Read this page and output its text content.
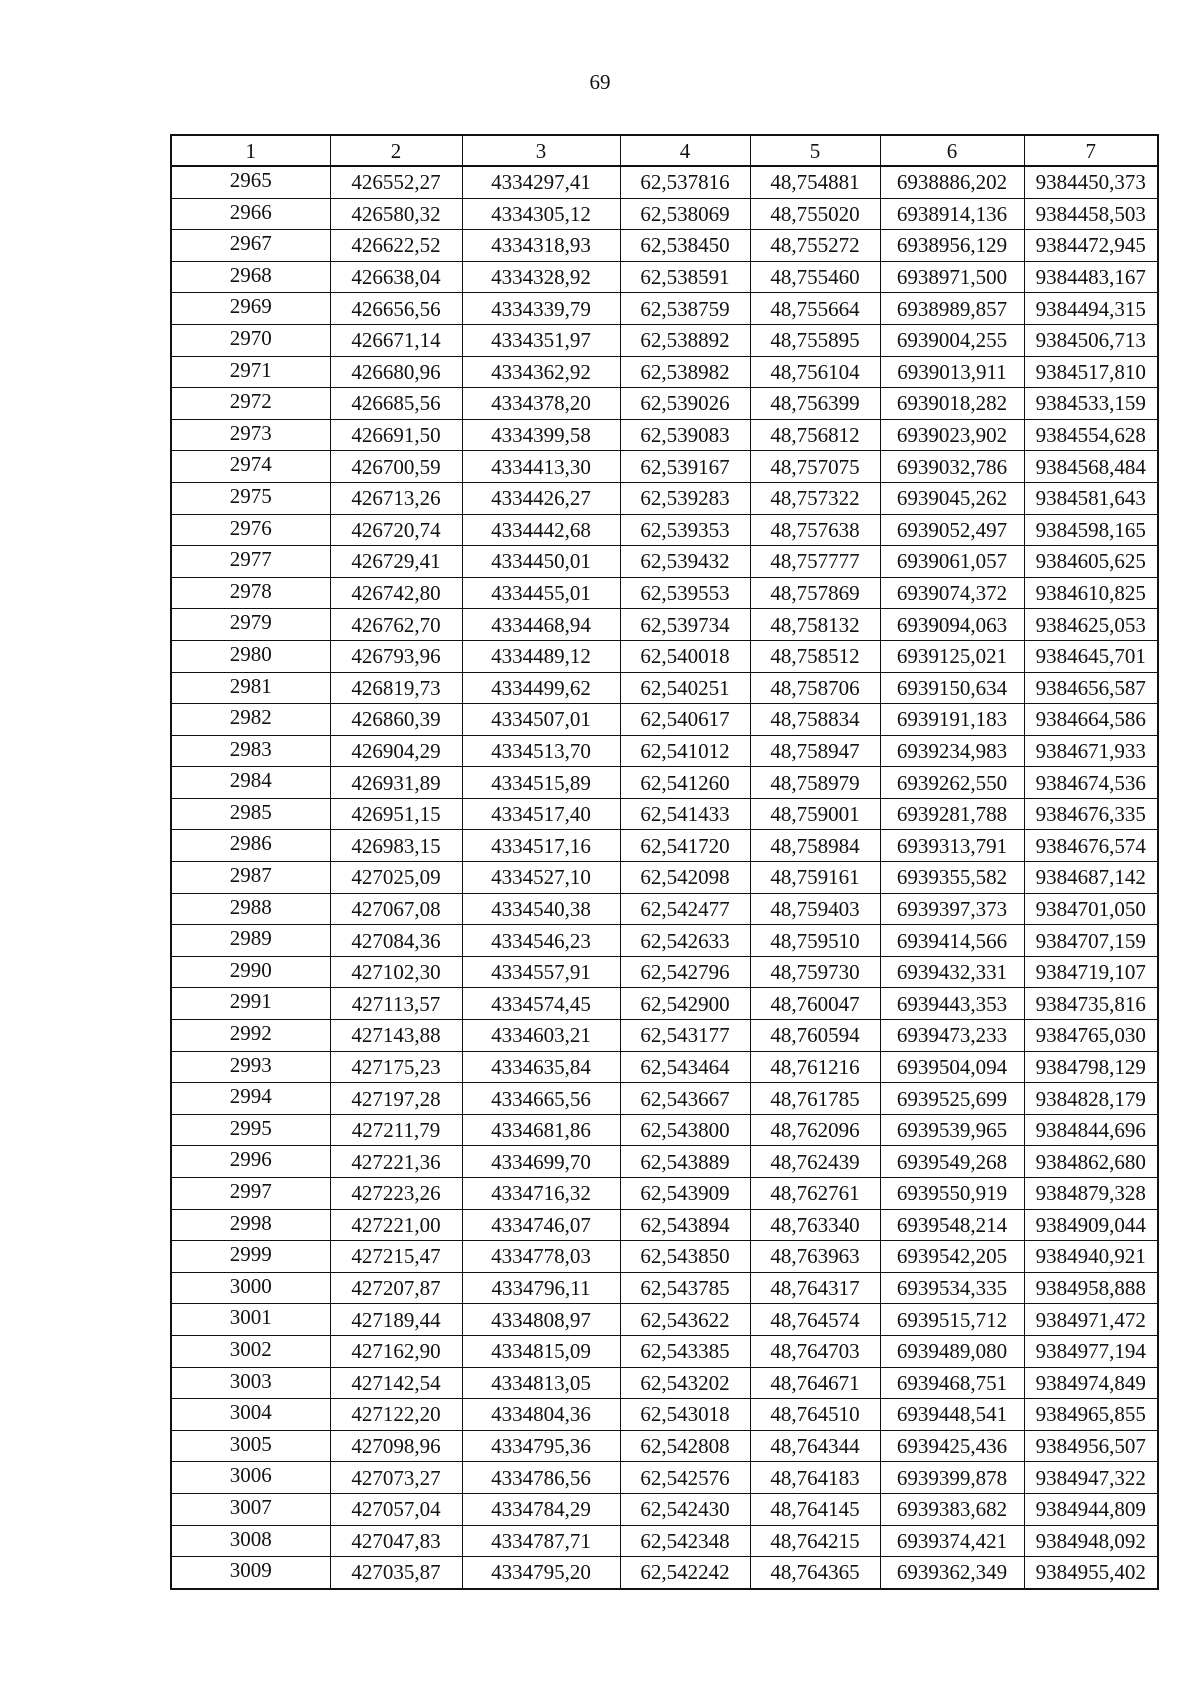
69
1	2	3	4	5	6	7
2965	426552,27	4334297,41	62,537816	48,754881	6938886,202	9384450,373
2966	426580,32	4334305,12	62,538069	48,755020	6938914,136	9384458,503
2967	426622,52	4334318,93	62,538450	48,755272	6938956,129	9384472,945
2968	426638,04	4334328,92	62,538591	48,755460	6938971,500	9384483,167
2969	426656,56	4334339,79	62,538759	48,755664	6938989,857	9384494,315
2970	426671,14	4334351,97	62,538892	48,755895	6939004,255	9384506,713
2971	426680,96	4334362,92	62,538982	48,756104	6939013,911	9384517,810
2972	426685,56	4334378,20	62,539026	48,756399	6939018,282	9384533,159
2973	426691,50	4334399,58	62,539083	48,756812	6939023,902	9384554,628
2974	426700,59	4334413,30	62,539167	48,757075	6939032,786	9384568,484
2975	426713,26	4334426,27	62,539283	48,757322	6939045,262	9384581,643
2976	426720,74	4334442,68	62,539353	48,757638	6939052,497	9384598,165
2977	426729,41	4334450,01	62,539432	48,757777	6939061,057	9384605,625
2978	426742,80	4334455,01	62,539553	48,757869	6939074,372	9384610,825
2979	426762,70	4334468,94	62,539734	48,758132	6939094,063	9384625,053
2980	426793,96	4334489,12	62,540018	48,758512	6939125,021	9384645,701
2981	426819,73	4334499,62	62,540251	48,758706	6939150,634	9384656,587
2982	426860,39	4334507,01	62,540617	48,758834	6939191,183	9384664,586
2983	426904,29	4334513,70	62,541012	48,758947	6939234,983	9384671,933
2984	426931,89	4334515,89	62,541260	48,758979	6939262,550	9384674,536
2985	426951,15	4334517,40	62,541433	48,759001	6939281,788	9384676,335
2986	426983,15	4334517,16	62,541720	48,758984	6939313,791	9384676,574
2987	427025,09	4334527,10	62,542098	48,759161	6939355,582	9384687,142
2988	427067,08	4334540,38	62,542477	48,759403	6939397,373	9384701,050
2989	427084,36	4334546,23	62,542633	48,759510	6939414,566	9384707,159
2990	427102,30	4334557,91	62,542796	48,759730	6939432,331	9384719,107
2991	427113,57	4334574,45	62,542900	48,760047	6939443,353	9384735,816
2992	427143,88	4334603,21	62,543177	48,760594	6939473,233	9384765,030
2993	427175,23	4334635,84	62,543464	48,761216	6939504,094	9384798,129
2994	427197,28	4334665,56	62,543667	48,761785	6939525,699	9384828,179
2995	427211,79	4334681,86	62,543800	48,762096	6939539,965	9384844,696
2996	427221,36	4334699,70	62,543889	48,762439	6939549,268	9384862,680
2997	427223,26	4334716,32	62,543909	48,762761	6939550,919	9384879,328
2998	427221,00	4334746,07	62,543894	48,763340	6939548,214	9384909,044
2999	427215,47	4334778,03	62,543850	48,763963	6939542,205	9384940,921
3000	427207,87	4334796,11	62,543785	48,764317	6939534,335	9384958,888
3001	427189,44	4334808,97	62,543622	48,764574	6939515,712	9384971,472
3002	427162,90	4334815,09	62,543385	48,764703	6939489,080	9384977,194
3003	427142,54	4334813,05	62,543202	48,764671	6939468,751	9384974,849
3004	427122,20	4334804,36	62,543018	48,764510	6939448,541	9384965,855
3005	427098,96	4334795,36	62,542808	48,764344	6939425,436	9384956,507
3006	427073,27	4334786,56	62,542576	48,764183	6939399,878	9384947,322
3007	427057,04	4334784,29	62,542430	48,764145	6939383,682	9384944,809
3008	427047,83	4334787,71	62,542348	48,764215	6939374,421	9384948,092
3009	427035,87	4334795,20	62,542242	48,764365	6939362,349	9384955,402
